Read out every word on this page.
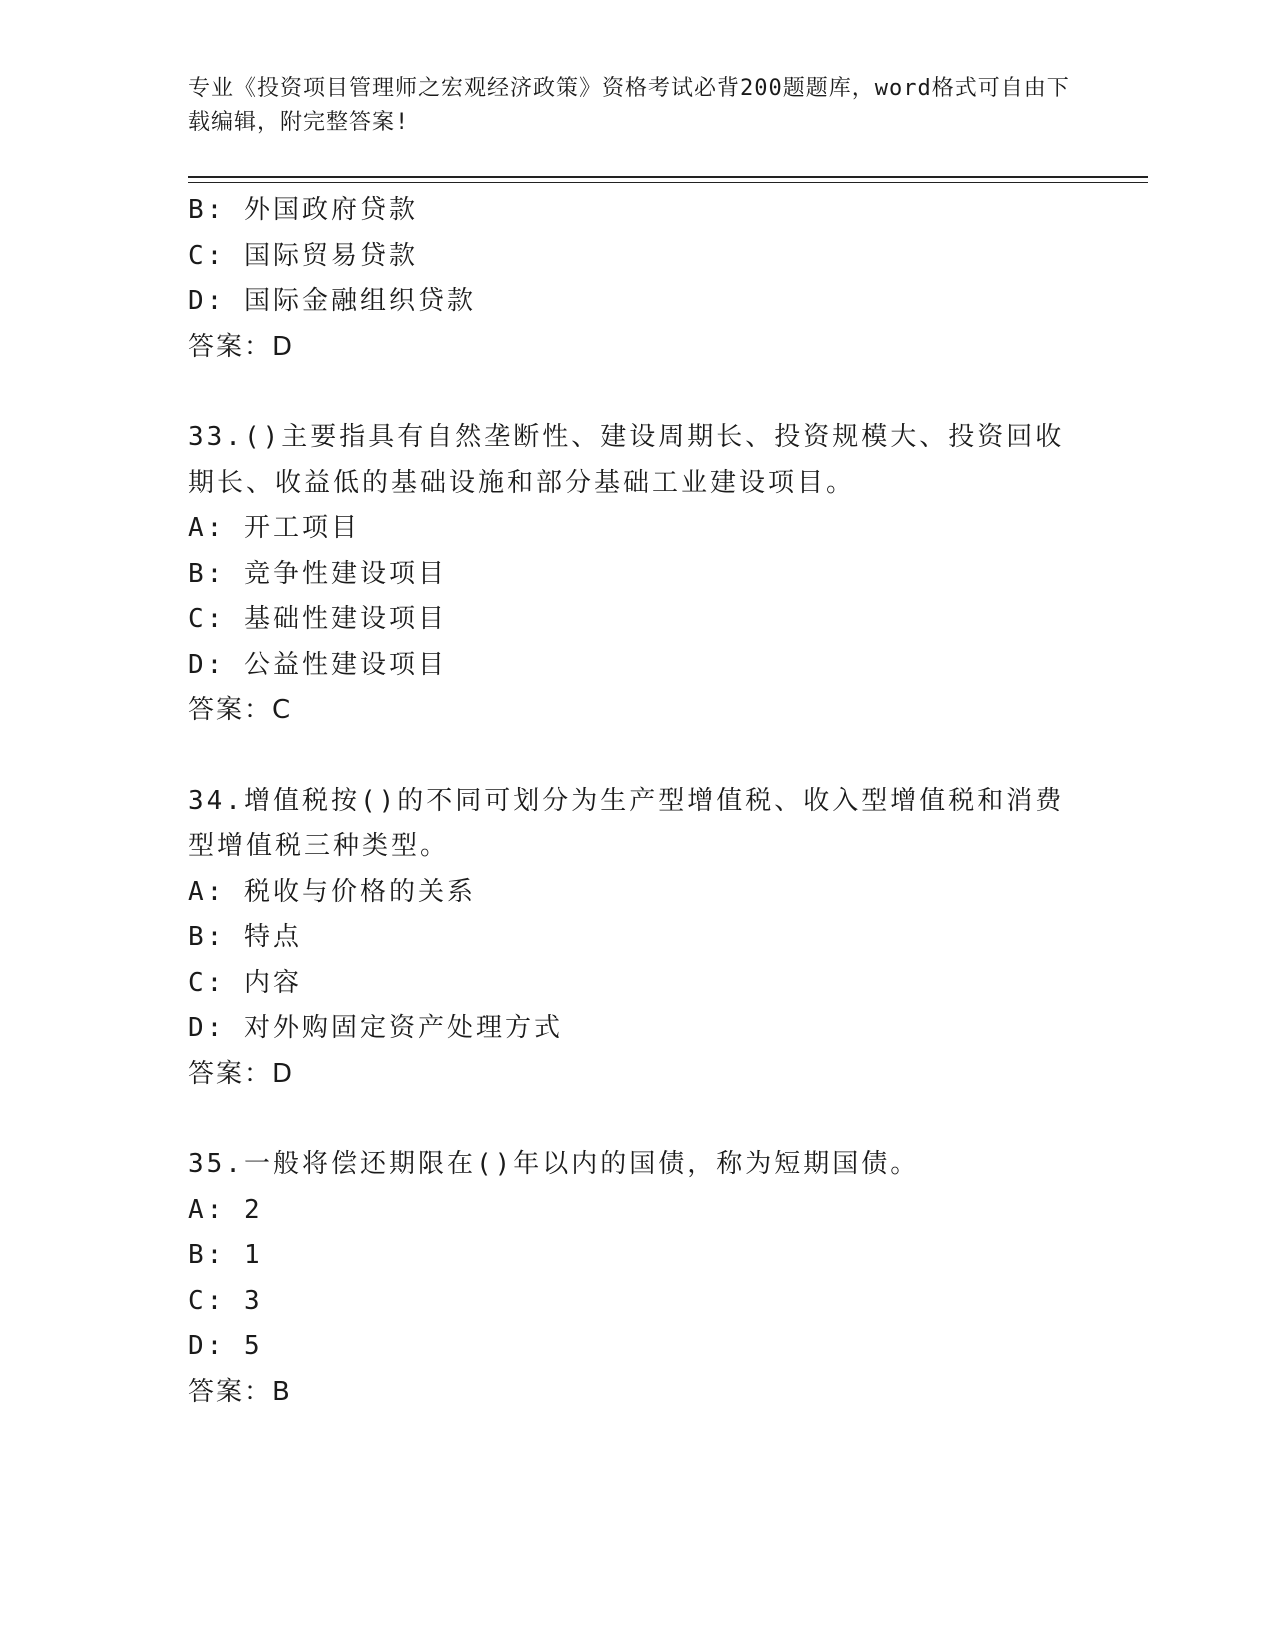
专业《投资项目管理师之宏观经济政策》资格考试必背200题题库，word格式可自由下载编辑，附完整答案!
B: 外国政府贷款
C: 国际贸易贷款
D: 国际金融组织贷款
答案：D
33.()主要指具有自然垄断性、建设周期长、投资规模大、投资回收期长、收益低的基础设施和部分基础工业建设项目。
A: 开工项目
B: 竞争性建设项目
C: 基础性建设项目
D: 公益性建设项目
答案：C
34.增值税按()的不同可划分为生产型增值税、收入型增值税和消费型增值税三种类型。
A: 税收与价格的关系
B: 特点
C: 内容
D: 对外购固定资产处理方式
答案：D
35.一般将偿还期限在()年以内的国债，称为短期国债。
A: 2
B: 1
C: 3
D: 5
答案：B
